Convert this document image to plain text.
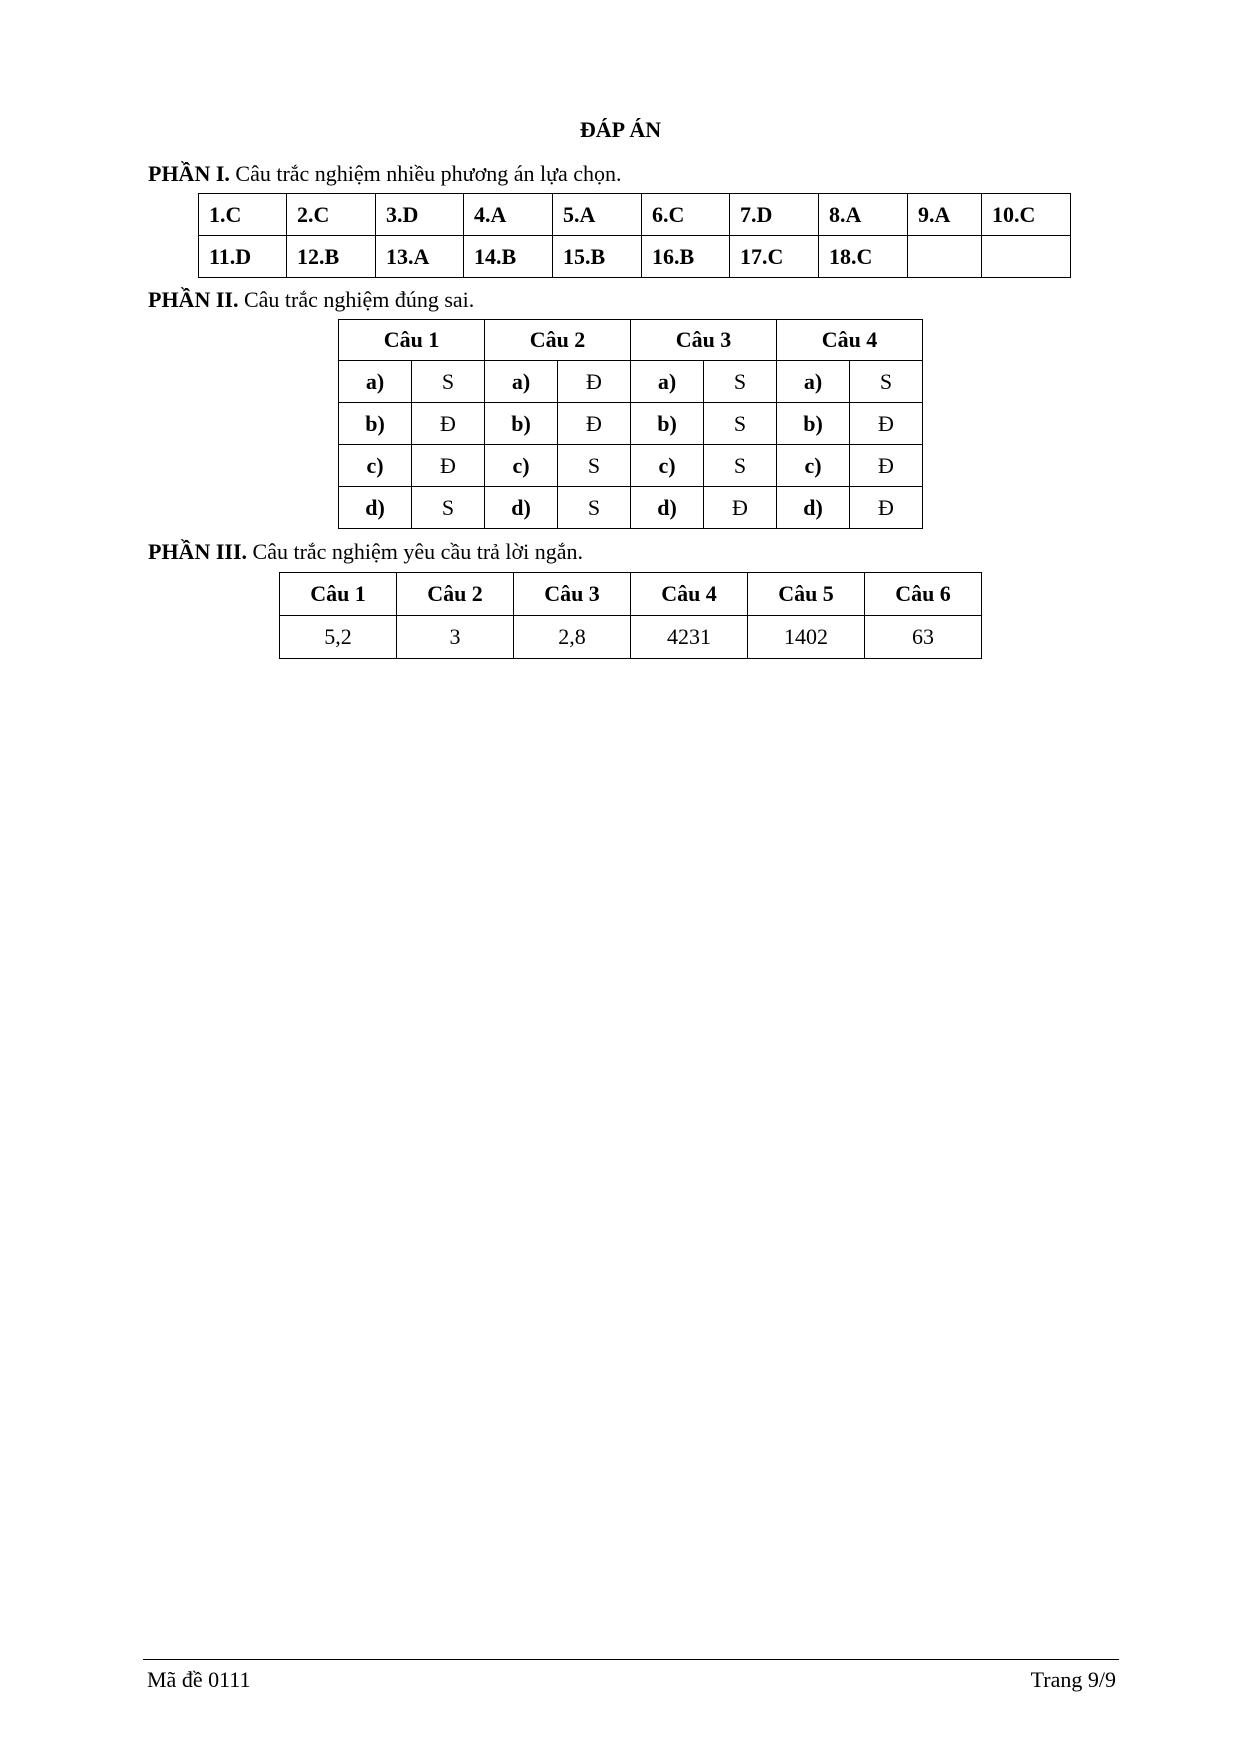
ĐÁP ÁN
PHẦN I. Câu trắc nghiệm nhiều phương án lựa chọn.
1.C	2.C	3.D	4.A	5.A	6.C	7.D	8.A	9.A	10.C
11.D	12.B	13.A	14.B	15.B	16.B	17.C	18.C		
PHẦN II. Câu trắc nghiệm đúng sai.
Câu 1		Câu 2		Câu 3		Câu 4	
a)	S	a)	Đ	a)	S	a)	S
b)	Đ	b)	Đ	b)	S	b)	Đ
c)	Đ	c)	S	c)	S	c)	Đ
d)	S	d)	S	d)	Đ	d)	Đ
PHẦN III. Câu trắc nghiệm yêu cầu trả lời ngắn.
Câu 1	Câu 2	Câu 3	Câu 4	Câu 5	Câu 6
5,2	3	2,8	4231	1402	63
Mã đề 0111	Trang 9/9
